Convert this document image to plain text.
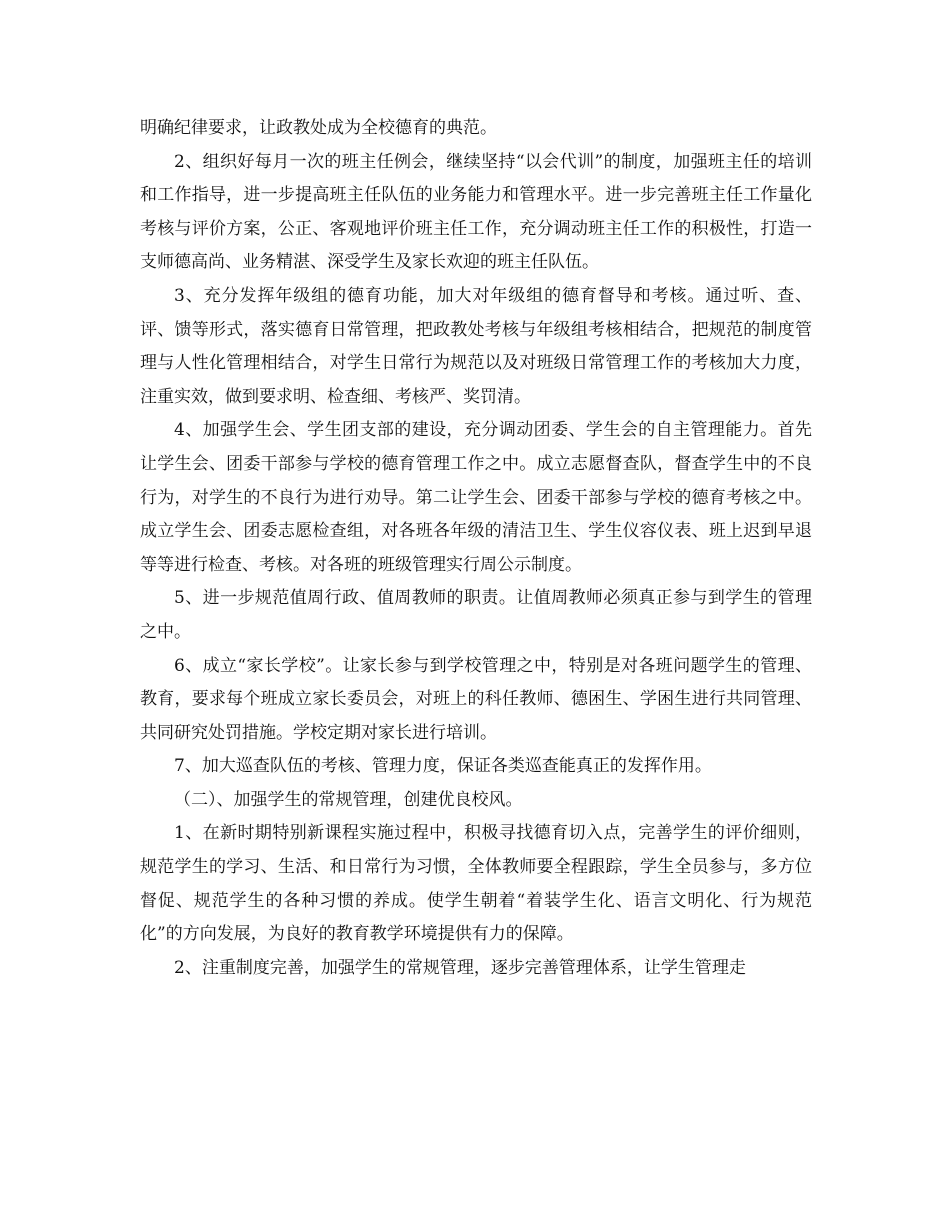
明确纪律要求，让政教处成为全校德育的典范。

2、组织好每月一次的班主任例会，继续坚持“以会代训”的制度，加强班主任的培训和工作指导，进一步提高班主任队伍的业务能力和管理水平。进一步完善班主任工作量化考核与评价方案，公正、客观地评价班主任工作，充分调动班主任工作的积极性，打造一支师德高尚、业务精湛、深受学生及家长欢迎的班主任队伍。

3、充分发挥年级组的德育功能，加大对年级组的德育督导和考核。通过听、查、评、馈等形式，落实德育日常管理，把政教处考核与年级组考核相结合，把规范的制度管理与人性化管理相结合，对学生日常行为规范以及对班级日常管理工作的考核加大力度，注重实效，做到要求明、检查细、考核严、奖罚清。

4、加强学生会、学生团支部的建设，充分调动团委、学生会的自主管理能力。首先让学生会、团委干部参与学校的德育管理工作之中。成立志愿督查队，督查学生中的不良行为，对学生的不良行为进行劝导。第二让学生会、团委干部参与学校的德育考核之中。成立学生会、团委志愿检查组，对各班各年级的清洁卫生、学生仪容仪表、班上迟到早退等等进行检查、考核。对各班的班级管理实行周公示制度。

5、进一步规范值周行政、值周教师的职责。让值周教师必须真正参与到学生的管理之中。

6、成立“家长学校”。让家长参与到学校管理之中，特别是对各班问题学生的管理、教育，要求每个班成立家长委员会，对班上的科任教师、德困生、学困生进行共同管理、共同研究处罚措施。学校定期对家长进行培训。

7、加大巡查队伍的考核、管理力度，保证各类巡查能真正的发挥作用。

（二）、加强学生的常规管理，创建优良校风。

1、在新时期特别新课程实施过程中，积极寻找德育切入点，完善学生的评价细则，规范学生的学习、生活、和日常行为习惯，全体教师要全程跟踪，学生全员参与，多方位督促、规范学生的各种习惯的养成。使学生朝着“着装学生化、语言文明化、行为规范化”的方向发展，为良好的教育教学环境提供有力的保障。

2、注重制度完善，加强学生的常规管理，逐步完善管理体系，让学生管理走
